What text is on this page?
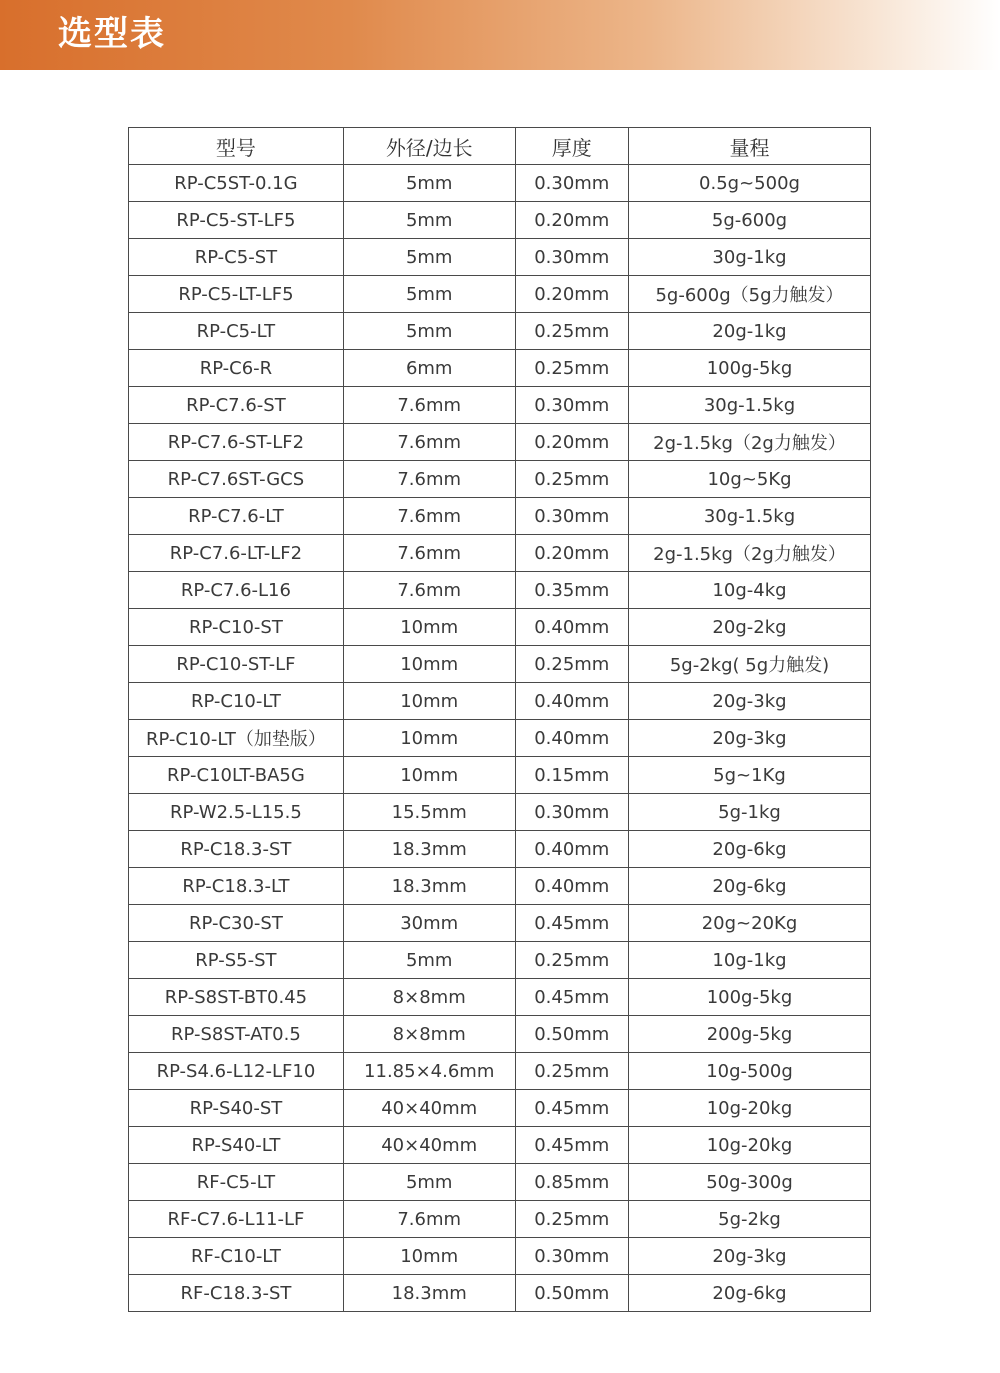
选型表
型号	外径/边长	厚度	量程
RP-C5ST-0.1G	5mm	0.30mm	0.5g~500g
RP-C5-ST-LF5	5mm	0.20mm	5g-600g
RP-C5-ST	5mm	0.30mm	30g-1kg
RP-C5-LT-LF5	5mm	0.20mm	5g-600g（5g力触发）
RP-C5-LT	5mm	0.25mm	20g-1kg
RP-C6-R	6mm	0.25mm	100g-5kg
RP-C7.6-ST	7.6mm	0.30mm	30g-1.5kg
RP-C7.6-ST-LF2	7.6mm	0.20mm	2g-1.5kg（2g力触发）
RP-C7.6ST-GCS	7.6mm	0.25mm	10g~5Kg
RP-C7.6-LT	7.6mm	0.30mm	30g-1.5kg
RP-C7.6-LT-LF2	7.6mm	0.20mm	2g-1.5kg（2g力触发）
RP-C7.6-L16	7.6mm	0.35mm	10g-4kg
RP-C10-ST	10mm	0.40mm	20g-2kg
RP-C10-ST-LF	10mm	0.25mm	5g-2kg( 5g力触发)
RP-C10-LT	10mm	0.40mm	20g-3kg
RP-C10-LT（加垫版）	10mm	0.40mm	20g-3kg
RP-C10LT-BA5G	10mm	0.15mm	5g~1Kg
RP-W2.5-L15.5	15.5mm	0.30mm	5g-1kg
RP-C18.3-ST	18.3mm	0.40mm	20g-6kg
RP-C18.3-LT	18.3mm	0.40mm	20g-6kg
RP-C30-ST	30mm	0.45mm	20g~20Kg
RP-S5-ST	5mm	0.25mm	10g-1kg
RP-S8ST-BT0.45	8×8mm	0.45mm	100g-5kg
RP-S8ST-AT0.5	8×8mm	0.50mm	200g-5kg
RP-S4.6-L12-LF10	11.85×4.6mm	0.25mm	10g-500g
RP-S40-ST	40×40mm	0.45mm	10g-20kg
RP-S40-LT	40×40mm	0.45mm	10g-20kg
RF-C5-LT	5mm	0.85mm	50g-300g
RF-C7.6-L11-LF	7.6mm	0.25mm	5g-2kg
RF-C10-LT	10mm	0.30mm	20g-3kg
RF-C18.3-ST	18.3mm	0.50mm	20g-6kg
